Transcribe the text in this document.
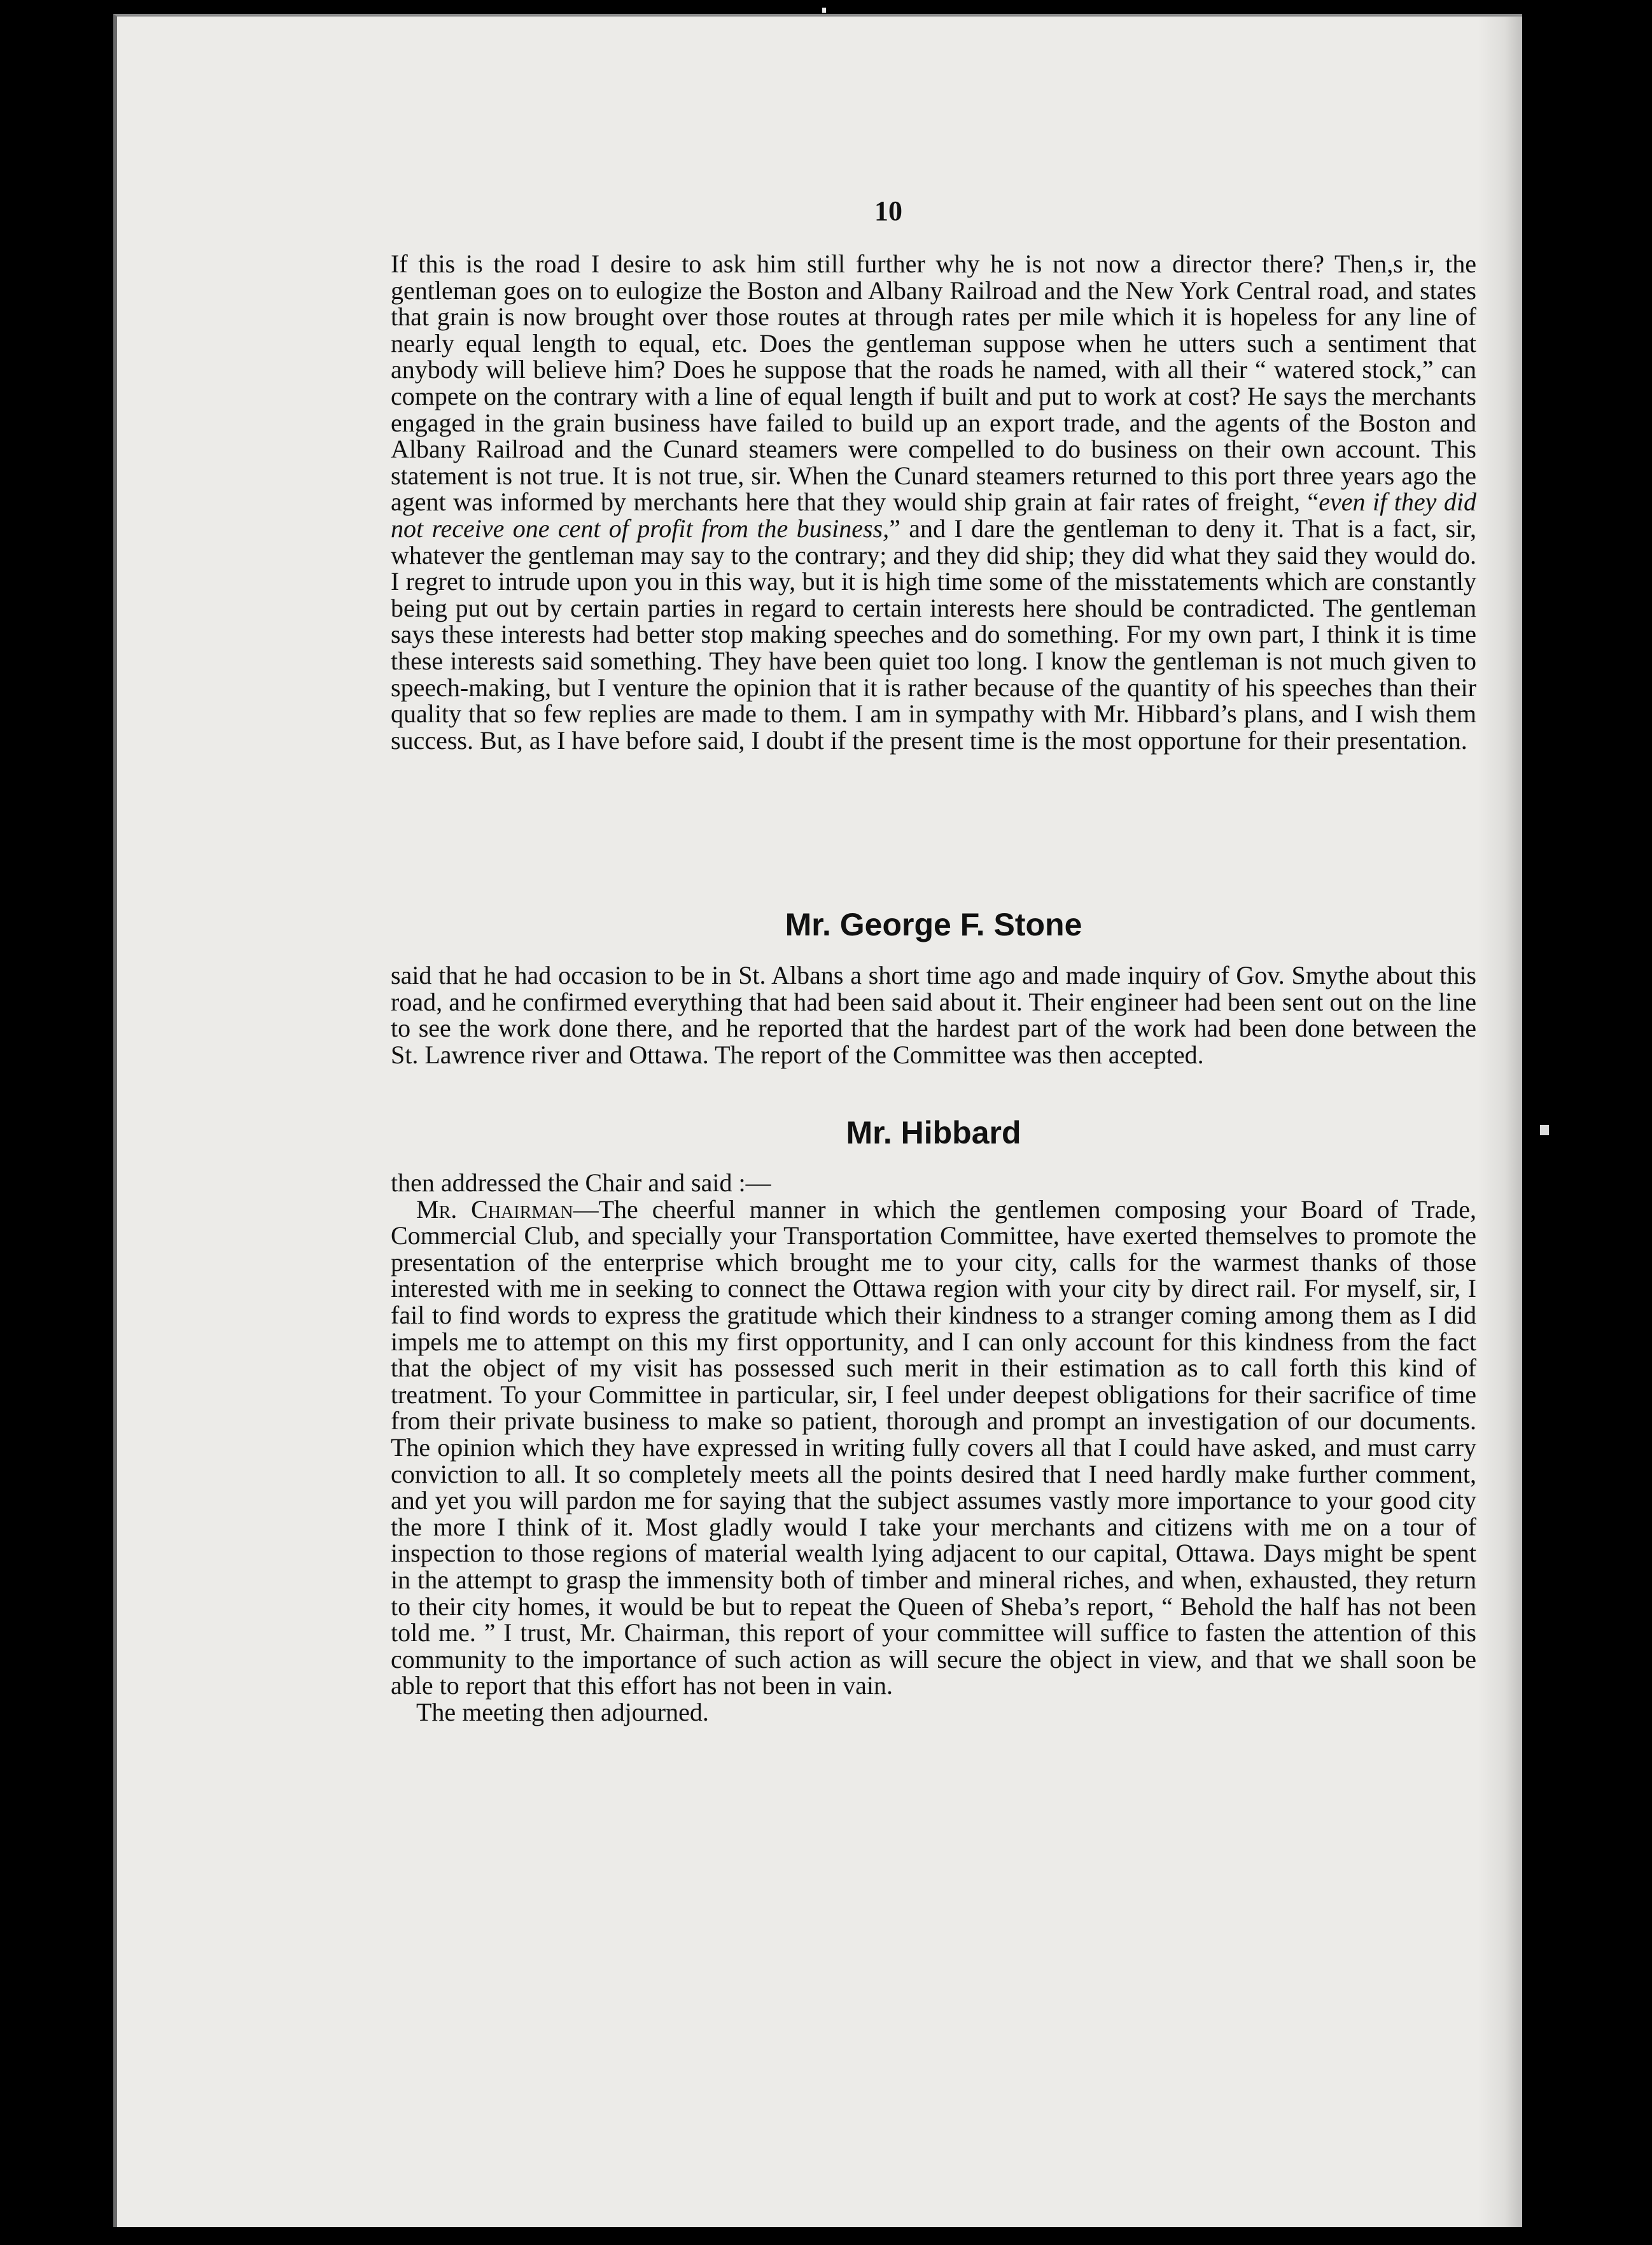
10

If this is the road I desire to ask him still further why he is not now a director there? Then,s ir, the gentleman goes on to eulogize the Boston and Albany Railroad and the New York Central road, and states that grain is now brought over those routes at through rates per mile which it is hopeless for any line of nearly equal length to equal, etc. Does the gentleman suppose when he utters such a sentiment that anybody will believe him? Does he suppose that the roads he named, with all their “ watered stock,” can compete on the contrary with a line of equal length if built and put to work at cost? He says the merchants engaged in the grain business have failed to build up an export trade, and the agents of the Boston and Albany Railroad and the Cunard steamers were compelled to do business on their own account. This statement is not true. It is not true, sir. When the Cunard steamers returned to this port three years ago the agent was informed by merchants here that they would ship grain at fair rates of freight, “even if they did not receive one cent of profit from the business,” and I dare the gentleman to deny it. That is a fact, sir, whatever the gentleman may say to the contrary; and they did ship; they did what they said they would do. I regret to intrude upon you in this way, but it is high time some of the misstatements which are constantly being put out by certain parties in regard to certain interests here should be contradicted. The gentleman says these interests had better stop making speeches and do something. For my own part, I think it is time these interests said something. They have been quiet too long. I know the gentleman is not much given to speech-making, but I venture the opinion that it is rather because of the quantity of his speeches than their quality that so few replies are made to them. I am in sympathy with Mr. Hibbard’s plans, and I wish them success. But, as I have before said, I doubt if the present time is the most opportune for their presentation.

Mr. George F. Stone

said that he had occasion to be in St. Albans a short time ago and made inquiry of Gov. Smythe about this road, and he confirmed everything that had been said about it. Their engineer had been sent out on the line to see the work done there, and he reported that the hardest part of the work had been done between the St. Lawrence river and Ottawa. The report of the Committee was then accepted.

Mr. Hibbard

then addressed the Chair and said :—

Mr. Chairman—The cheerful manner in which the gentlemen composing your Board of Trade, Commercial Club, and specially your Transportation Committee, have exerted themselves to promote the presentation of the enterprise which brought me to your city, calls for the warmest thanks of those interested with me in seeking to connect the Ottawa region with your city by direct rail. For myself, sir, I fail to find words to express the gratitude which their kindness to a stranger coming among them as I did impels me to attempt on this my first opportunity, and I can only account for this kindness from the fact that the object of my visit has possessed such merit in their estimation as to call forth this kind of treatment. To your Committee in particular, sir, I feel under deepest obligations for their sacrifice of time from their private business to make so patient, thorough and prompt an investigation of our documents. The opinion which they have expressed in writing fully covers all that I could have asked, and must carry conviction to all. It so completely meets all the points desired that I need hardly make further comment, and yet you will pardon me for saying that the subject assumes vastly more importance to your good city the more I think of it. Most gladly would I take your merchants and citizens with me on a tour of inspection to those regions of material wealth lying adjacent to our capital, Ottawa. Days might be spent in the attempt to grasp the immensity both of timber and mineral riches, and when, exhausted, they return to their city homes, it would be but to repeat the Queen of Sheba’s report, “ Behold the half has not been told me. ” I trust, Mr. Chairman, this report of your committee will suffice to fasten the attention of this community to the importance of such action as will secure the object in view, and that we shall soon be able to report that this effort has not been in vain.

The meeting then adjourned.
